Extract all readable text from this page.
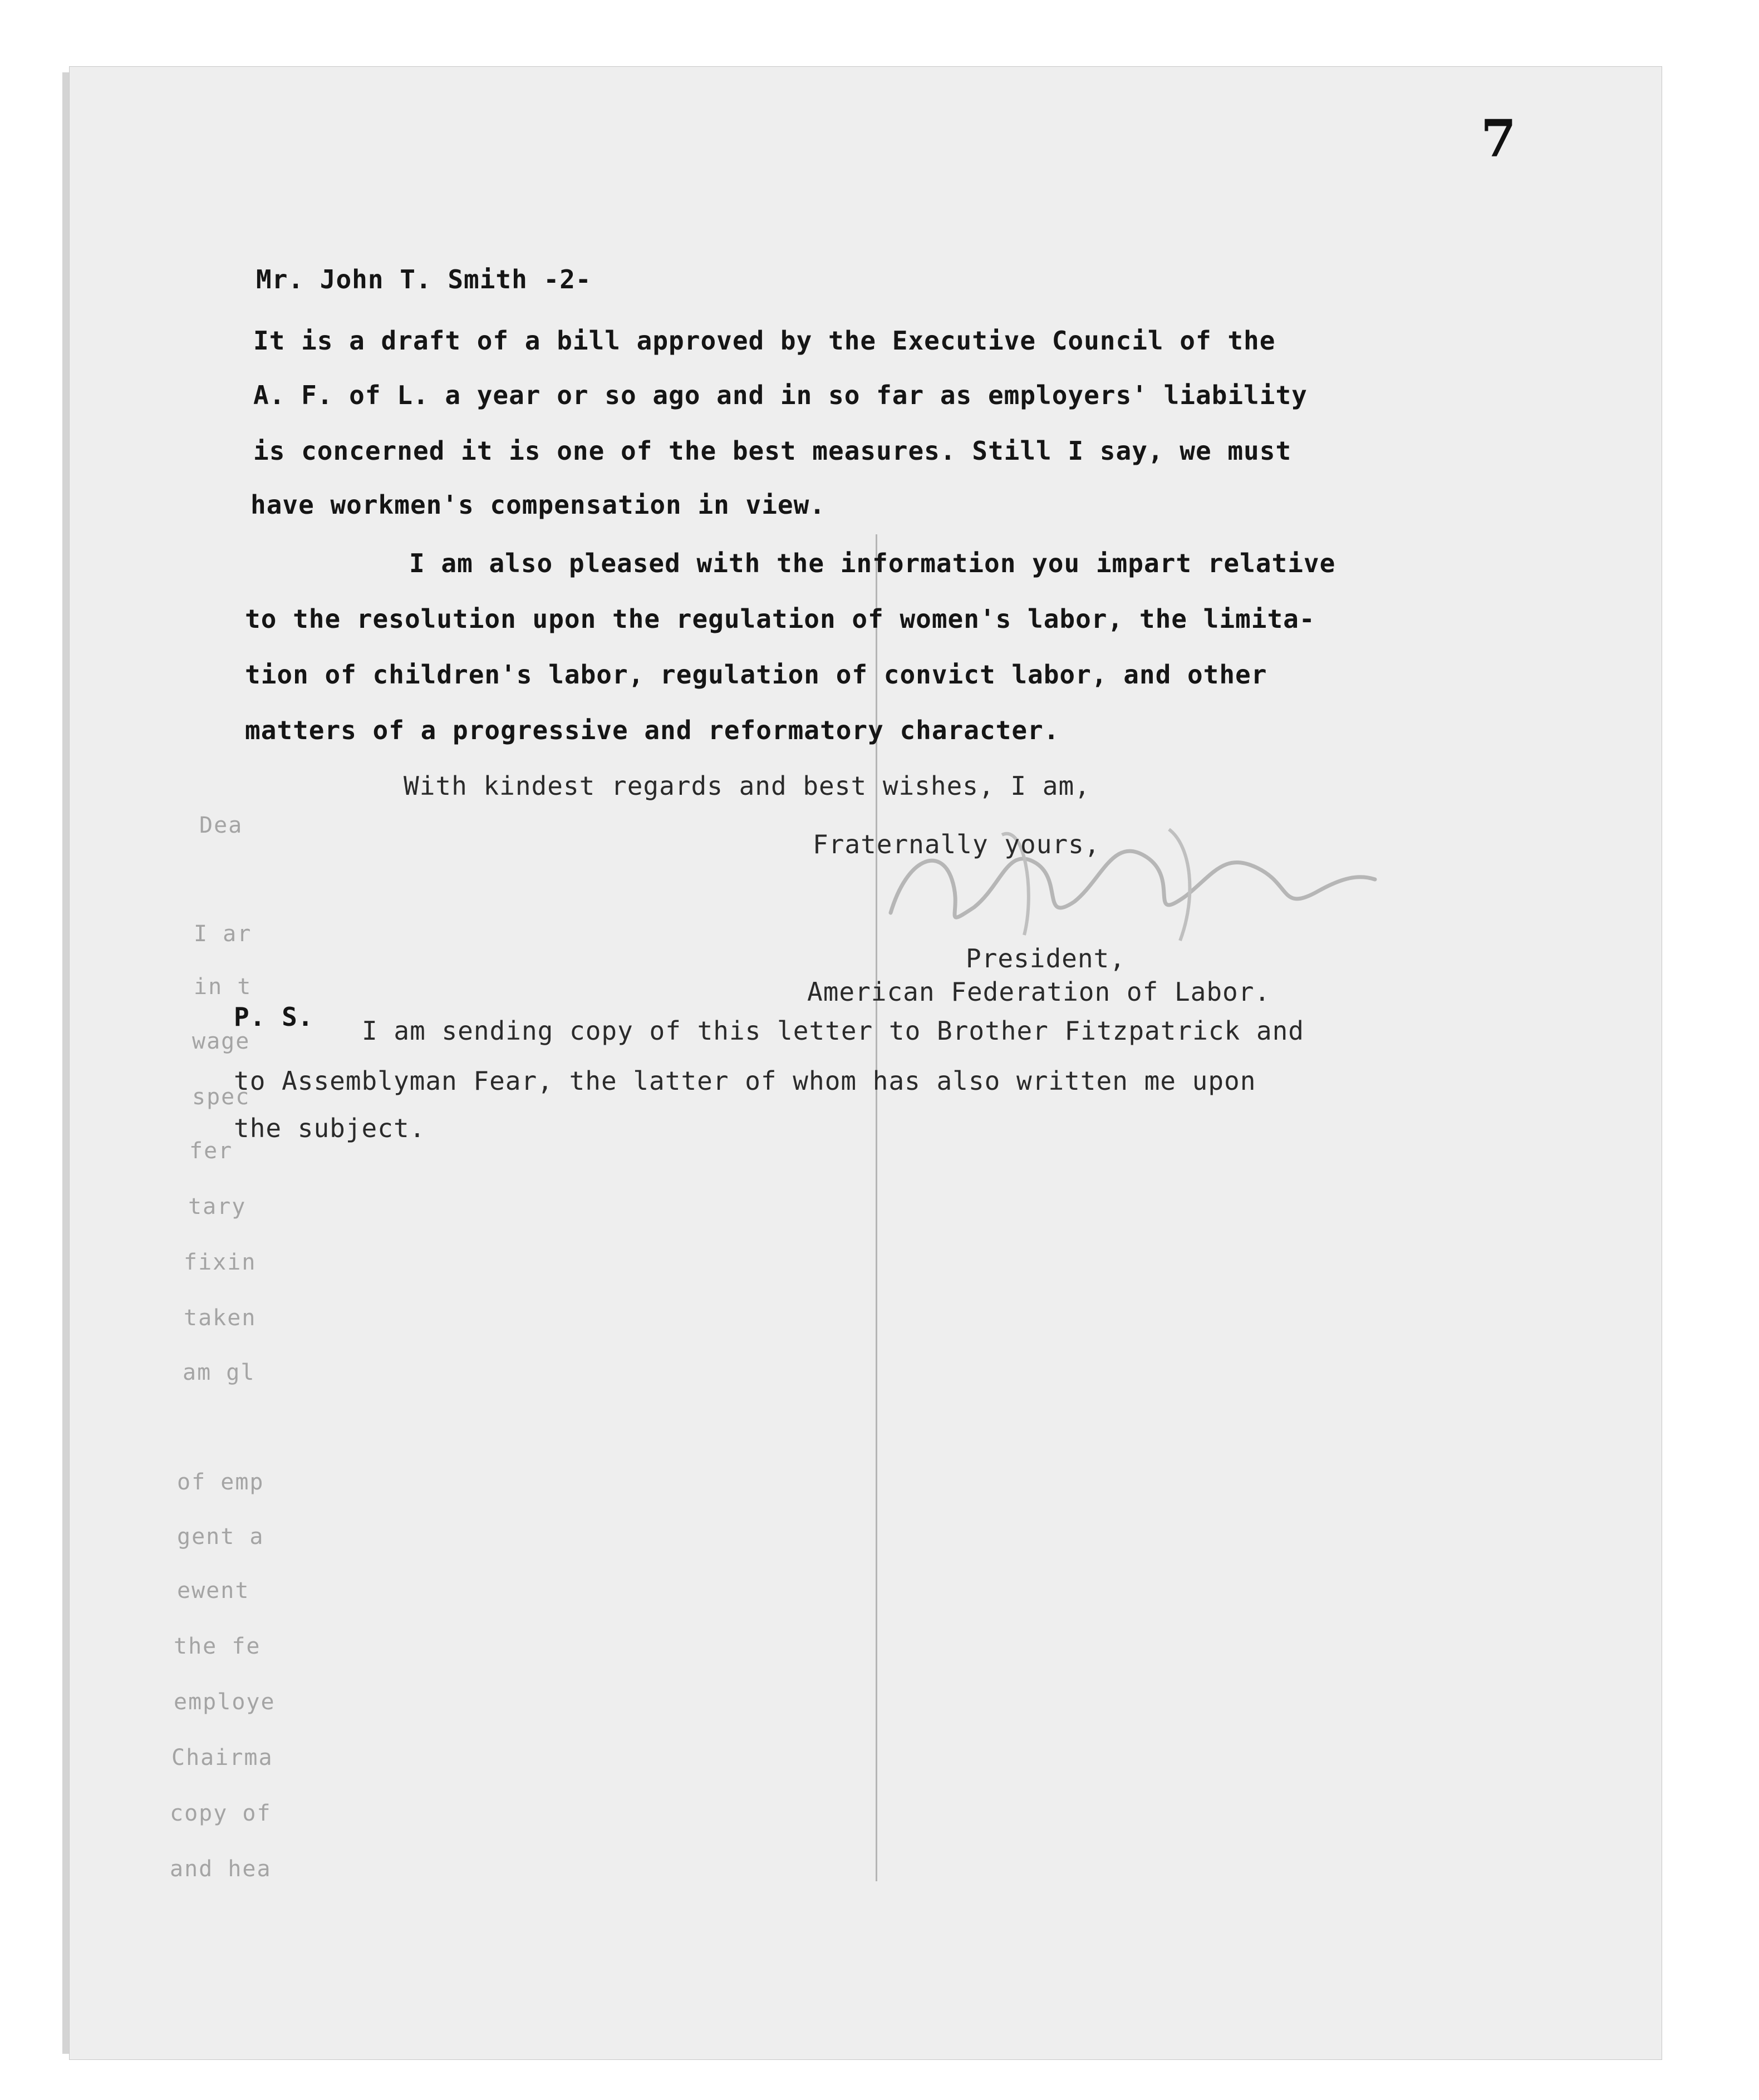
7
Dea
I ar
in t
wage
spec
fer
tary
fixin
taken
am gl
of emp
gent a
ewent
the fe
employe
Chairma
copy of
and hea
Mr. John T. Smith -2-
It is a draft of a bill approved by the Executive Council of the
A. F. of L. a year or so ago and in so far as employers' liability
is concerned it is one of the best measures. Still I say, we must
have workmen's compensation in view.
I am also pleased with the information you impart relative
to the resolution upon the regulation of women's labor, the limita-
tion of children's labor, regulation of convict labor, and other
matters of a progressive and reformatory character.
With kindest regards and best wishes, I am,
Fraternally yours,
President,
American Federation of Labor.
P. S. I am sending copy of this letter to Brother Fitzpatrick and
to Assemblyman Fear, the latter of whom has also written me upon
the subject.
